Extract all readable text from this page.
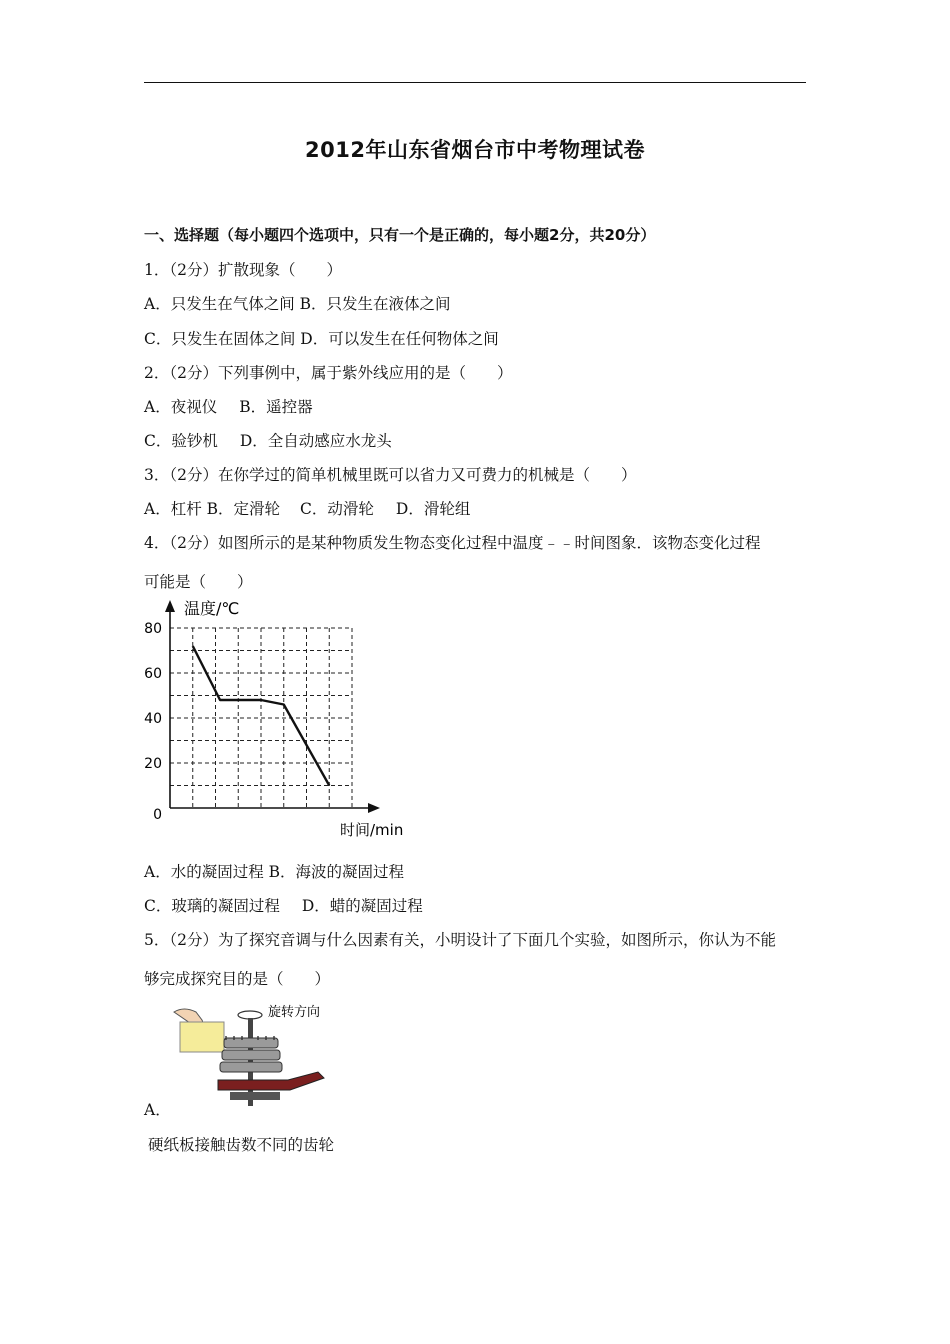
2012年山东省烟台市中考物理试卷
一、选择题（每小题四个选项中，只有一个是正确的，每小题2分，共20分）
1．（2分）扩散现象（　　）
A．只发生在气体之间 B．只发生在液体之间
C．只发生在固体之间 D．可以发生在任何物体之间
2．（2分）下列事例中，属于紫外线应用的是（　　）
A．夜视仪 B．遥控器
C．验钞机 D．全自动感应水龙头
3．（2分）在你学过的简单机械里既可以省力又可费力的机械是（　　）
A．杠杆 B．定滑轮 C．动滑轮 D．滑轮组
4．（2分）如图所示的是某种物质发生物态变化过程中温度﹣﹣时间图象．该物态变化过程
可能是（　　）
80
60
40
20
0
温度/℃
时间/min
A．水的凝固过程 B．海波的凝固过程
C．玻璃的凝固过程 D．蜡的凝固过程
5．（2分）为了探究音调与什么因素有关，小明设计了下面几个实验，如图所示，你认为不能
够完成探究目的是（　　）
旋转方向
A．
硬纸板接触齿数不同的齿轮
